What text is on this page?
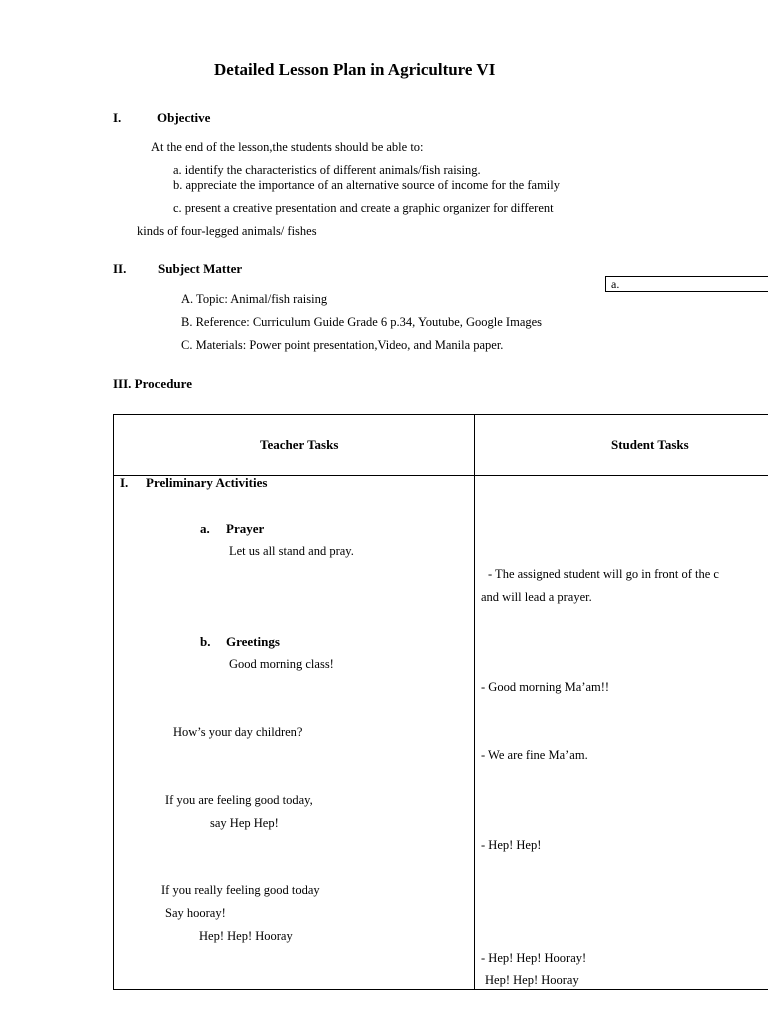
Detailed Lesson Plan in Agriculture VI
I.	Objective
At the end of the lesson,the students should be able to:
a. identify the characteristics of different animals/fish raising.
b. appreciate the importance of an alternative source of income for the family
c. present a creative presentation and create a graphic organizer for different
kinds of four-legged animals/ fishes
II. Subject Matter
a.
A. Topic: Animal/fish raising
B. Reference: Curriculum Guide Grade 6 p.34, Youtube, Google Images
C. Materials: Power point presentation,Video, and Manila paper.
III. Procedure
Teacher Tasks	Student Tasks
I. Preliminary Activities
a. Prayer
Let us all stand and pray.
b. Greetings
Good morning class!
How’s your day children?
If you are feeling good today,
say Hep Hep!
If you really feeling good today
Say hooray!
Hep! Hep! Hooray
- The assigned student will go in front of the c
and will lead a prayer.
- Good morning Ma’am!!
- We are fine Ma’am.
- Hep! Hep!
- Hep! Hep! Hooray!
Hep! Hep! Hooray
